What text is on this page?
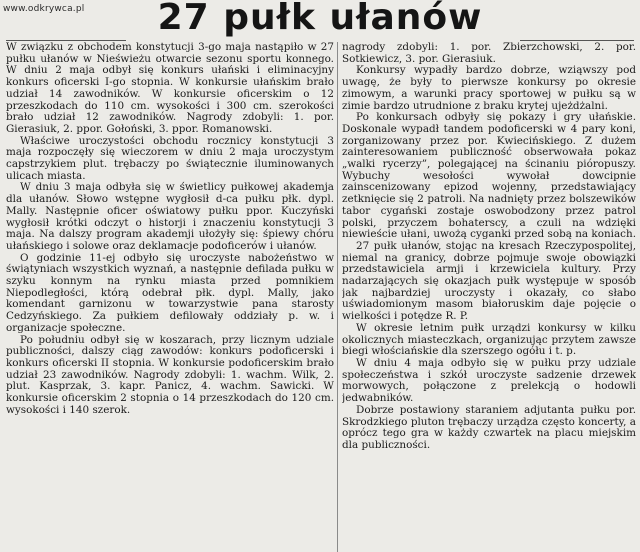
www.odkrywca.pl	27 pułk ułanów

W związku z obchodem konstytucji 3-go maja nastąpiło w 27 pułku ułanów w Nieświeżu otwarcie sezonu sportu konnego. W dniu 2 maja odbył się konkurs ułański i eliminacyjny konkurs oficerski I-go stopnia. W konkursie ułańskim brało udział 14 zawodników. W konkursie oficerskim o 12 przeszkodach do 110 cm. wysokości i 300 cm. szerokości brało udział 12 zawodników. Nagrody zdobyli: 1. por. Gierasiuk, 2. ppor. Gołoński, 3. ppor. Romanowski.

Właściwe uroczystości obchodu rocznicy konstytucji 3 maja rozpoczęły się wieczorem w dniu 2 maja uroczystym capstrzykiem plut. trębaczy po świątecznie iluminowanych ulicach miasta.

W dniu 3 maja odbyła się w świetlicy pułkowej akademja dla ułanów. Słowo wstępne wygłosił d-ca pułku płk. dypl. Mally. Następnie oficer oświatowy pułku ppor. Kuczyński wygłosił krótki odczyt o historji i znaczeniu konstytucji 3 maja. Na dalszy program akademji ułożyły się: śpiewy chóru ułańskiego i solowe oraz deklamacje podoficerów i ułanów.

O godzinie 11-ej odbyło się uroczyste nabożeństwo w świątyniach wszystkich wyznań, a następnie defilada pułku w szyku konnym na rynku miasta przed pomnikiem Niepodległości, którą odebrał płk. dypl. Mally, jako komendant garnizonu w towarzystwie pana starosty Cedzyńskiego. Za pułkiem defilowały oddziały p. w. i organizacje społeczne.

Po południu odbył się w koszarach, przy licznym udziale publiczności, dalszy ciąg zawodów: konkurs podoficerski i konkurs oficerski II stopnia. W konkursie podoficerskim brało udział 23 zawodników. Nagrody zdobyli: 1. wachm. Wilk, 2. plut. Kasprzak, 3. kapr. Panicz, 4. wachm. Sawicki. W konkursie oficerskim 2 stopnia o 14 przeszkodach do 120 cm. wysokości i 140 szerok.

nagrody zdobyli: 1. por. Zbierzchowski, 2. por. Sotkiewicz, 3. por. Gierasiuk.

Konkursy wypadły bardzo dobrze, wziąwszy pod uwagę, że były to pierwsze konkursy po okresie zimowym, a warunki pracy sportowej w pułku są w zimie bardzo utrudnione z braku krytej ujeżdżalni.

Po konkursach odbyły się pokazy i gry ułańskie. Doskonale wypadł tandem podoficerski w 4 pary koni, zorganizowany przez por. Kwiecińskiego. Z dużem zainteresowaniem publiczność obserwowała pokaz „walki rycerzy”, polegającej na ścinaniu pióropuszy. Wybuchy wesołości wywołał dowcipnie zainscenizowany epizod wojenny, przedstawiający zetknięcie się 2 patroli. Na nadnięty przez bolszewików tabor cygański zostaje oswobodzony przez patrol polski, przyczem bohaterscy, a czuli na wdzięki niewieście ułani, uwożą cyganki przed sobą na koniach.

27 pułk ułanów, stojąc na kresach Rzeczypospolitej, niemal na granicy, dobrze pojmuje swoje obowiązki przedstawiciela armji i krzewiciela kultury. Przy nadarzających się okazjach pułk występuje w sposób jak najbardziej uroczysty i okazały, co słabo uświadomionym masom białoruskim daje pojęcie o wielkości i potędze R. P.

W okresie letnim pułk urządzi konkursy w kilku okolicznych miasteczkach, organizując przytem zawsze biegi włościańskie dla szerszego ogółu i t. p.

W dniu 4 maja odbyło się w pułku przy udziale społeczeństwa i szkół uroczyste sadzenie drzewek morwowych, połączone z prelekcją o hodowli jedwabników.

Dobrze postawiony staraniem adjutanta pułku por. Skrodzkiego pluton trębaczy urządza często koncerty, a oprócz tego gra w każdy czwartek na placu miejskim dla publiczności.
